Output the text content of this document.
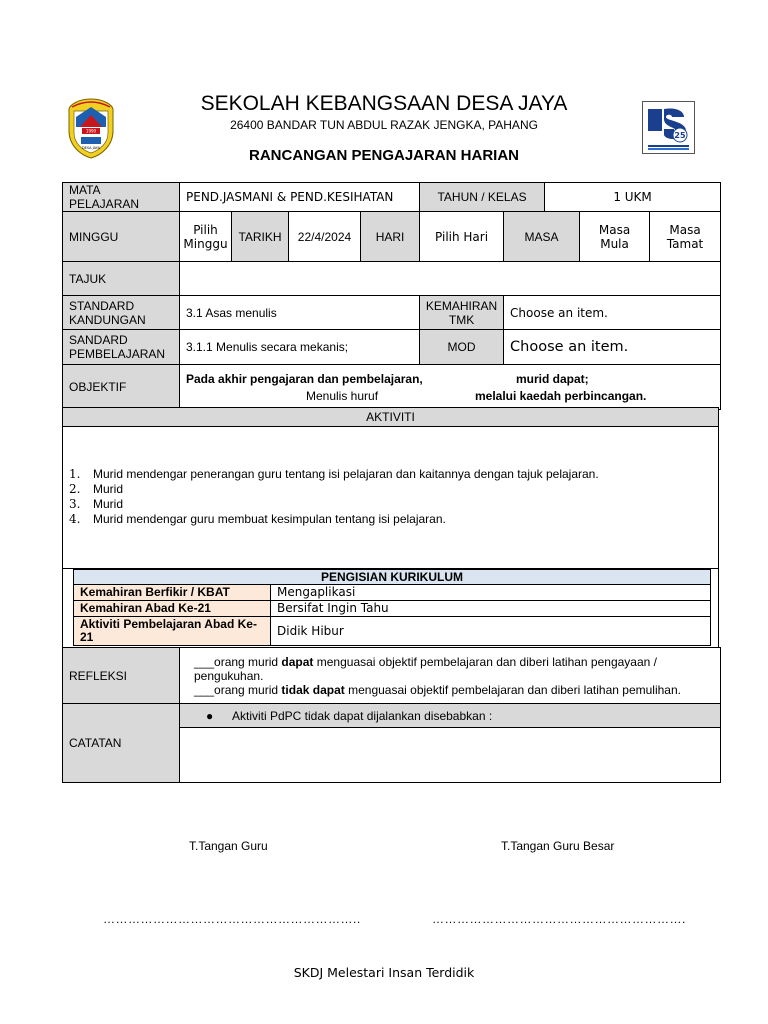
1990
DESA JAYA
SEKOLAH KEBANGSAAN DESA JAYA
26400 BANDAR TUN ABDUL RAZAK JENGKA, PAHANG
RANCANGAN PENGAJARAN HARIAN
25
MATA PELAJARAN	PEND.JASMANI & PEND.KESIHATAN				TAHUN / KELAS		1 UKM		
MINGGU	Pilih Minggu	TARIKH	22/4/2024	HARI	Pilih Hari	MASA		Masa Mula	Masa Tamat
TAJUK									
STANDARD KANDUNGAN	3.1 Asas menulis				KEMAHIRAN TMK	Choose an item.			
SANDARD PEMBELAJARAN	3.1.1 Menulis secara mekanis;				MOD	Choose an item.			
OBJEKTIF	Pada akhir pengajaran dan pembelajaran, murid dapat;
Menulis huruf melalui kaedah perbincangan.								
AKTIVITI
1. Murid mendengar penerangan guru tentang isi pelajaran dan kaitannya dengan tajuk pelajaran.
2. Murid
3. Murid
4. Murid mendengar guru membuat kesimpulan tentang isi pelajaran.
PENGISIAN KURIKULUM	
Kemahiran Berfikir / KBAT	Mengaplikasi
Kemahiran Abad Ke-21	Bersifat Ingin Tahu
Aktiviti Pembelajaran Abad Ke-21	Didik Hibur
REFLEKSI	___orang murid dapat menguasai objektif pembelajaran dan diberi latihan pengayaan / pengukuhan.
___orang murid tidak dapat menguasai objektif pembelajaran dan diberi latihan pemulihan.

CATATAN	● Aktiviti PdPC tidak dapat dijalankan disebabkan :

T.Tangan Guru	T.Tangan Guru Besar
……………………………………………………..	…………………………………………………….
SKDJ Melestari Insan Terdidik
